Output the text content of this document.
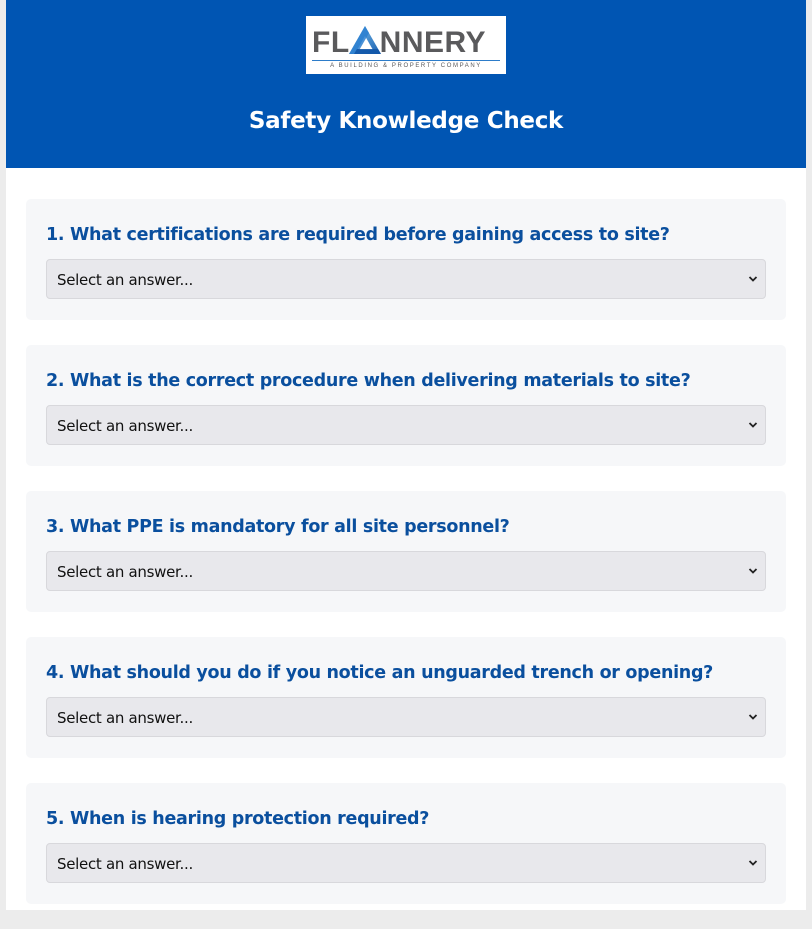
FL NNERY
A BUILDING & PROPERTY COMPANY
Safety Knowledge Check
1. What certifications are required before gaining access to site?
Select an answer...
2. What is the correct procedure when delivering materials to site?
Select an answer...
3. What PPE is mandatory for all site personnel?
Select an answer...
4. What should you do if you notice an unguarded trench or opening?
Select an answer...
5. When is hearing protection required?
Select an answer...
